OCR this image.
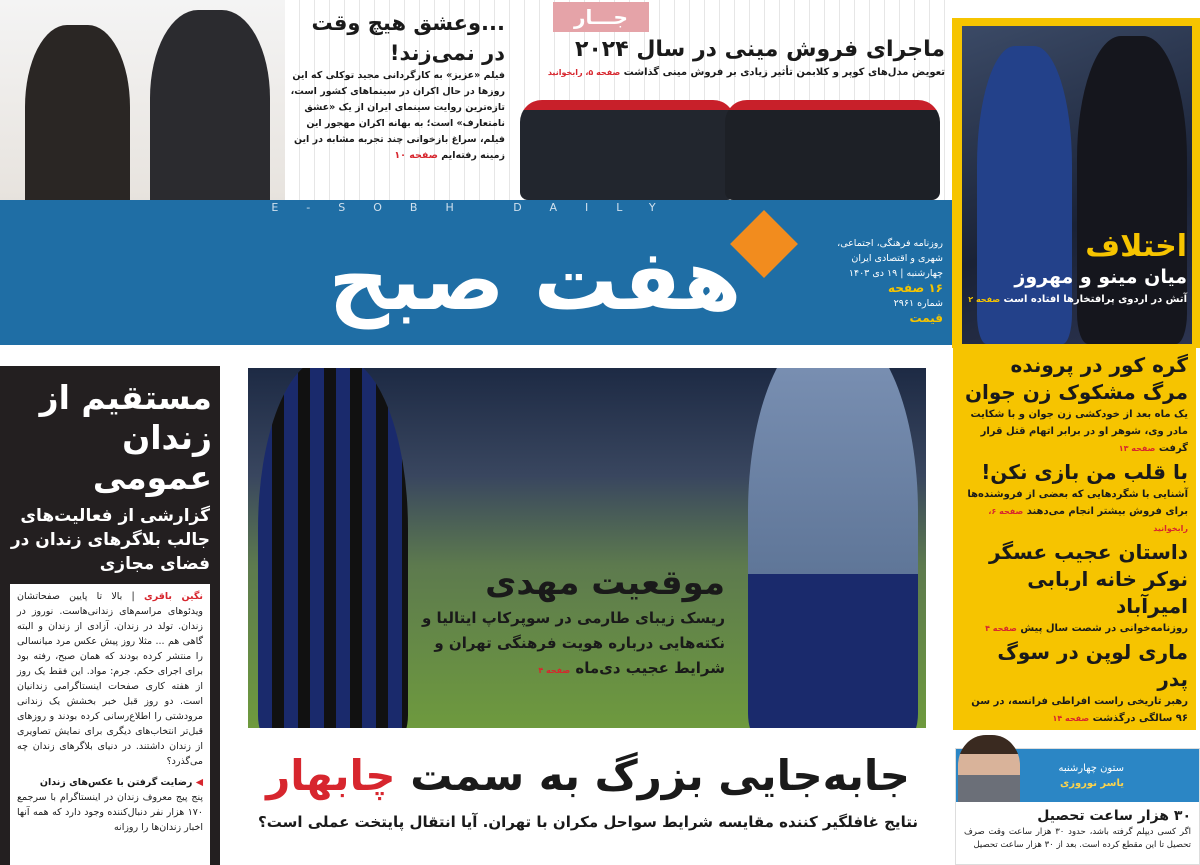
...وعشق هیچ وقت در نمی‌زند!

فیلم «عزیز» به کارگردانی مجید توکلی که این روزها در حال اکران در سینماهای کشور است، تازه‌ترین روایت سینمای ایران از یک «عشق نامتعارف» است؛ به بهانه اکران مهجور این فیلم، سراغ بازخوانی چند تجربه مشابه در این زمینه رفته‌ایم صفحه ۱۰

جـــار
ماجرای فروش مینی در سال ۲۰۲۴

تعویض مدل‌های کوپر و کلابمن تأثیر زیادی بر فروش مینی گذاشت صفحه ۵، رابخوانید

E-SOBH DAILY
هفت صبح	روزنامه فرهنگی، اجتماعی،
شهری و اقتصادی ایران
چهارشنبه | ۱۹ دی ۱۴۰۳
۱۶ صفحه
شماره ۲۹۶۱
قیمت
اختلاف
میان مینو و مهروز
آتش در اردوی پرافتخارها افتاده است صفحه ۲
مستقیم از زندان عمومی
گزارشی از فعالیت‌های جالب بلاگرهای زندان در فضای مجازی

نگین باقری | بالا تا پایین صفحاتشان ویدئوهای مراسم‌های زندانی‌هاست. نوروز در زندان. تولد در زندان. آزادی از زندان و البته گاهی هم ... مثلا روز پیش عکس مرد میانسالی را منتشر کرده بودند که همان صبح، رفته بود برای اجرای حکم. جرم: مواد. این فقط یک روز از هفته کاری صفحات اینستاگرامی زندانیان است. دو روز قبل خبر بخشش یک زندانی مرودشتی را اطلاع‌رسانی کرده بودند و روزهای قبل‌تر انتخاب‌های دیگری برای نمایش تصاویری از زندان داشتند. در دنیای بلاگرهای زندان چه می‌گذرد؟

◀ رضایت گرفتن با عکس‌های زندان

پنج پیج معروف زندان در اینستاگرام با سرجمع ۱۷۰ هزار نفر دنبال‌کننده وجود دارد که همه آنها اخبار زندان‌ها را روزانه

موقعیت مهدی

ریسک زیبای طارمی در سوپرکاپ ایتالیا و نکته‌هایی درباره هویت فرهنگی تهران و شرایط عجیب دی‌ماه صفحه ۴

گره کور در پرونده مرگ مشکوک زن جوان

یک ماه بعد از خودکشی زن جوان و با شکایت مادر وی، شوهر او در برابر اتهام قتل قرار گرفت صفحه ۱۳

با قلب من بازی نکن!

آشنایی با شگردهایی که بعضی از فروشنده‌ها برای فروش بیشتر انجام می‌دهند صفحه ۶، رابخوانید

داستان عجیب عسگر نوکر خانه اربابی امیرآباد

روزنامه‌خوانی در شصت سال پیش صفحه ۴

ماری لوپن در سوگ پدر

رهبر تاریخی راست افراطی فرانسه، در سن ۹۶ سالگی درگذشت صفحه ۱۴

جابه‌جایی بزرگ به سمت چابهار

نتایج غافلگیر کننده مقایسه شرایط سواحل مکران با تهران. آیا انتقال پایتخت عملی است؟

ستون چهارشنبه
یاسر نوروزی
۳۰ هزار ساعت تحصیل

اگر کسی دیپلم گرفته باشد، حدود ۳۰ هزار ساعت وقت صرف تحصیل تا این مقطع کرده است. بعد از ۳۰ هزار ساعت تحصیل
